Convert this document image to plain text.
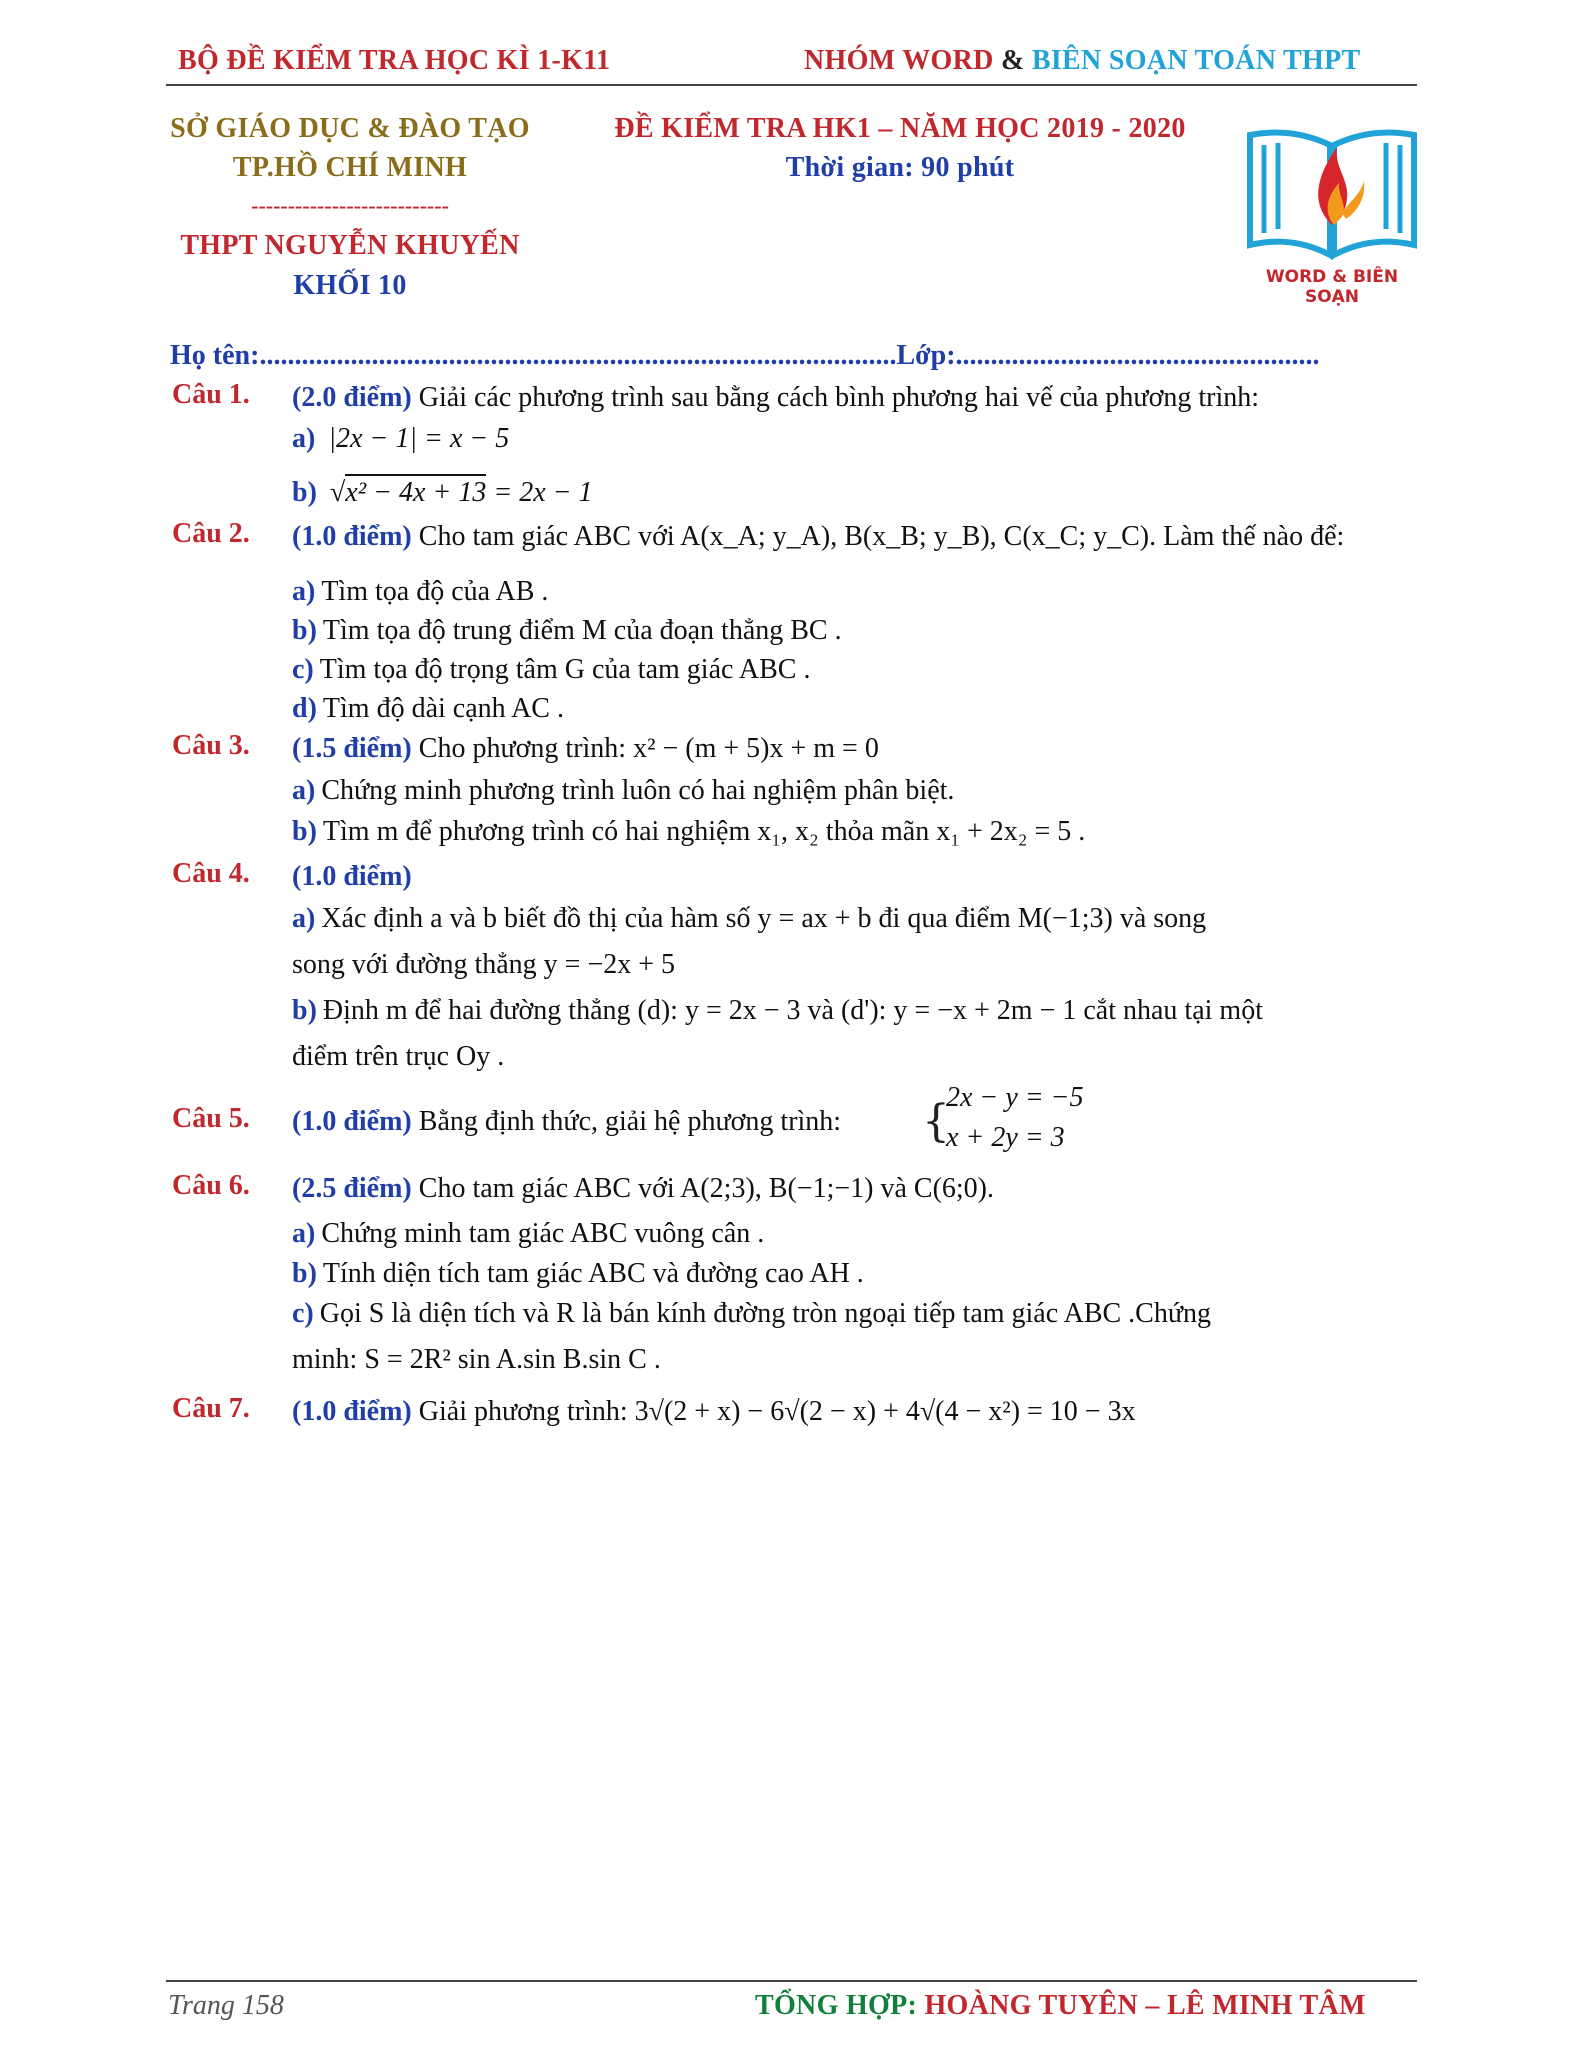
BỘ ĐỀ KIỂM TRA HỌC KÌ 1-K11	NHÓM WORD & BIÊN SOẠN TOÁN THPT
SỞ GIÁO DỤC & ĐÀO TẠO
TP.HỒ CHÍ MINH
---------------------------
THPT NGUYỄN KHUYẾN
KHỐI 10
ĐỀ KIỂM TRA HK1 – NĂM HỌC 2019 - 2020
Thời gian: 90 phút
WORD & BIÊN SOẠN
Họ tên:...........................................................................................Lớp:....................................................
Câu 1. (2.0 điểm) Giải các phương trình sau bằng cách bình phương hai vế của phương trình:
a) |2x − 1| = x − 5
b) √x² − 4x + 13 = 2x − 1
Câu 2. (1.0 điểm) Cho tam giác ABC với A(x_A; y_A), B(x_B; y_B), C(x_C; y_C). Làm thế nào để:
a) Tìm tọa độ của AB .
b) Tìm tọa độ trung điểm M của đoạn thẳng BC .
c) Tìm tọa độ trọng tâm G của tam giác ABC .
d) Tìm độ dài cạnh AC .
Câu 3. (1.5 điểm) Cho phương trình: x² − (m + 5)x + m = 0
a) Chứng minh phương trình luôn có hai nghiệm phân biệt.
b) Tìm m để phương trình có hai nghiệm x₁, x₂ thỏa mãn x₁ + 2x₂ = 5 .
Câu 4. (1.0 điểm)
a) Xác định a và b biết đồ thị của hàm số y = ax + b đi qua điểm M(−1;3) và song
song với đường thẳng y = −2x + 5
b) Định m để hai đường thẳng (d): y = 2x − 3 và (d'): y = −x + 2m − 1 cắt nhau tại một
điểm trên trục Oy .
Câu 5. (1.0 điểm) Bằng định thức, giải hệ phương trình: {
2x − y = −5
x + 2y = 3
Câu 6. (2.5 điểm) Cho tam giác ABC với A(2;3), B(−1;−1) và C(6;0).
a) Chứng minh tam giác ABC vuông cân .
b) Tính diện tích tam giác ABC và đường cao AH .
c) Gọi S là diện tích và R là bán kính đường tròn ngoại tiếp tam giác ABC .Chứng
minh: S = 2R² sin A.sin B.sin C .
Câu 7. (1.0 điểm) Giải phương trình: 3√(2 + x) − 6√(2 − x) + 4√(4 − x²) = 10 − 3x
Trang 158	TỔNG HỢP: HOÀNG TUYÊN – LÊ MINH TÂM
